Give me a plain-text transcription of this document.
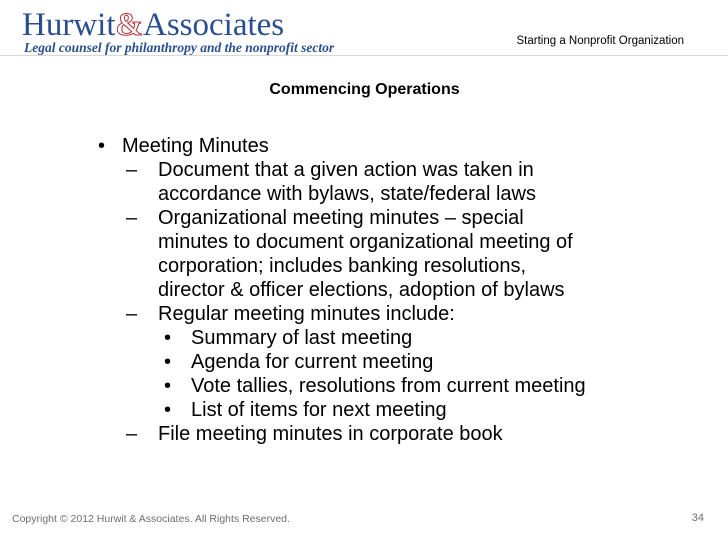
Hurwit&Associates
Legal counsel for philanthropy and the nonprofit sector	Starting a Nonprofit Organization
Commencing Operations
• Meeting Minutes
– Document that a given action was taken in
accordance with bylaws, state/federal laws
– Organizational meeting minutes – special
minutes to document organizational meeting of
corporation; includes banking resolutions,
director & officer elections, adoption of bylaws
– Regular meeting minutes include:
• Summary of last meeting
• Agenda for current meeting
• Vote tallies, resolutions from current meeting
• List of items for next meeting
– File meeting minutes in corporate book
Copyright © 2012 Hurwit & Associates. All Rights Reserved.	34
